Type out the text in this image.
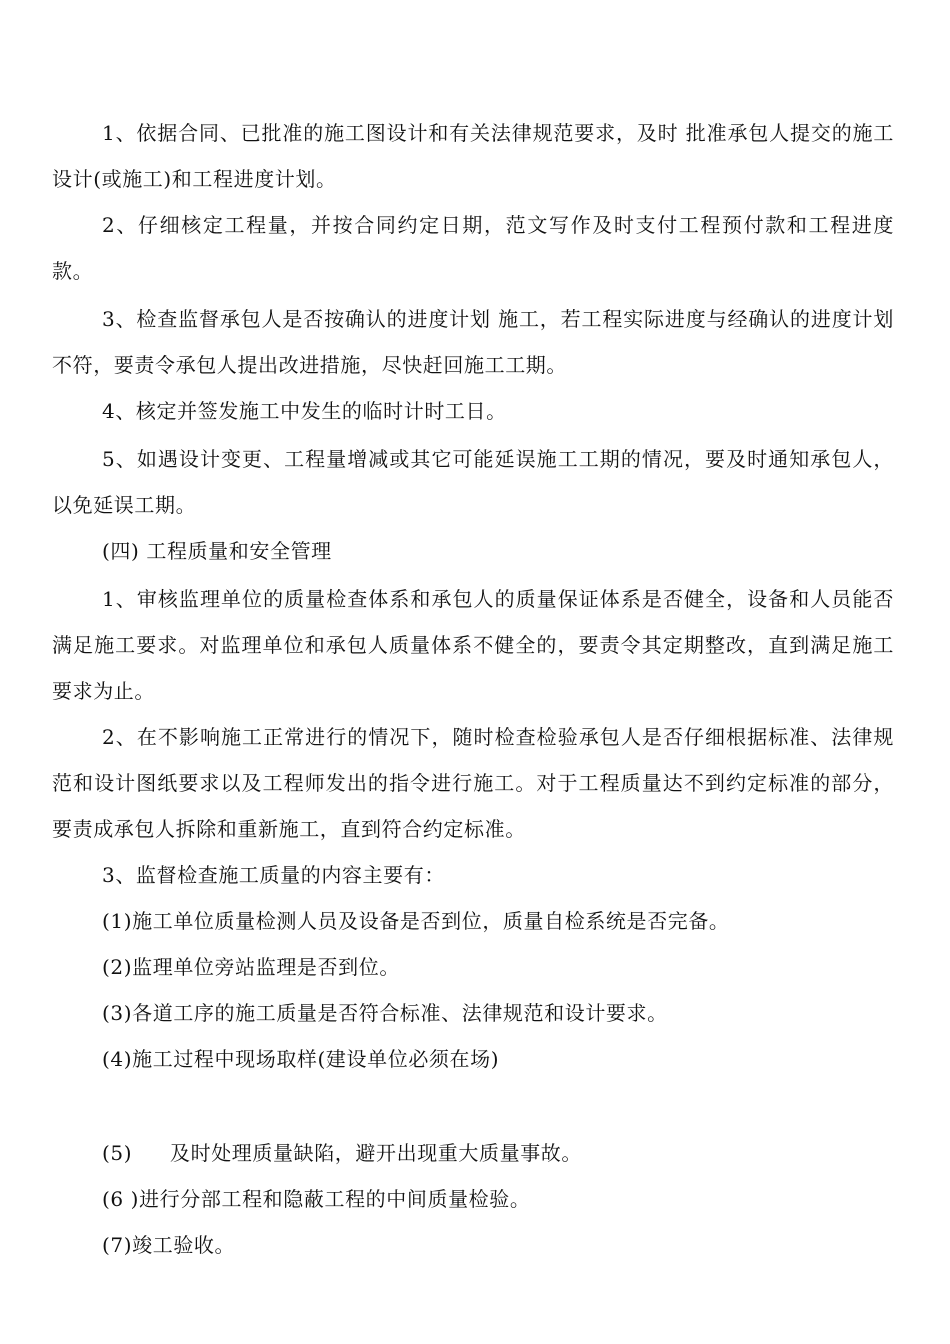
1、依据合同、已批准的施工图设计和有关法律规范要求，及时 批准承包人提交的施工 设计(或施工)和工程进度计划。

2、仔细核定工程量，并按合同约定日期，范文写作及时支付工程预付款和工程进度款。

3、检查监督承包人是否按确认的进度计划 施工，若工程实际进度与经确认的进度计划不符，要责令承包人提出改进措施，尽快赶回施工工期。

4、核定并签发施工中发生的临时计时工日。

5、如遇设计变更、工程量增减或其它可能延误施工工期的情况，要及时通知承包人，以免延误工期。

(四) 工程质量和安全管理

1、审核监理单位的质量检查体系和承包人的质量保证体系是否健全，设备和人员能否满足施工要求。对监理单位和承包人质量体系不健全的，要责令其定期整改，直到满足施工要求为止。

2、在不影响施工正常进行的情况下，随时检查检验承包人是否仔细根据标准、法律规范和设计图纸要求以及工程师发出的指令进行施工。对于工程质量达不到约定标准的部分，要责成承包人拆除和重新施工，直到符合约定标准。

3、监督检查施工质量的内容主要有：

(1)施工单位质量检测人员及设备是否到位，质量自检系统是否完备。

(2)监理单位旁站监理是否到位。

(3)各道工序的施工质量是否符合标准、法律规范和设计要求。

(4)施工过程中现场取样(建设单位必须在场)

(5) 及时处理质量缺陷，避开出现重大质量事故。

(6 )进行分部工程和隐蔽工程的中间质量检验。

(7)竣工验收。
